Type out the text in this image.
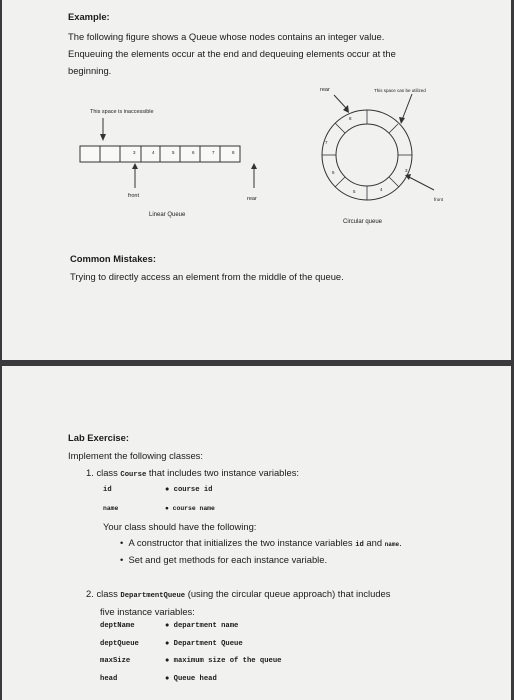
Example:
The following figure shows a Queue whose nodes contains an integer value.
Enqueuing the elements occur at the end and dequeuing elements occur at the
beginning.
This space is inaccessible
3	4	5	6	7	8
front	rear
Linear Queue
rear	This space can be utilized
front
8
7
6
5	4
3
Circular queue
Common Mistakes:
Trying to directly access an element from the middle of the queue.
Lab Exercise:
Implement the following classes:
1. class Course that includes two instance variables:
id	● course id
name	● course name
Your class should have the following:
•  A constructor that initializes the two instance variables id and name.
•  Set and get methods for each instance variable.
2. class DepartmentQueue (using the circular queue approach) that includes
five instance variables:
deptName	● department name
deptQueue	● Department Queue
maxSize	● maximum size of the queue
head	● Queue head
